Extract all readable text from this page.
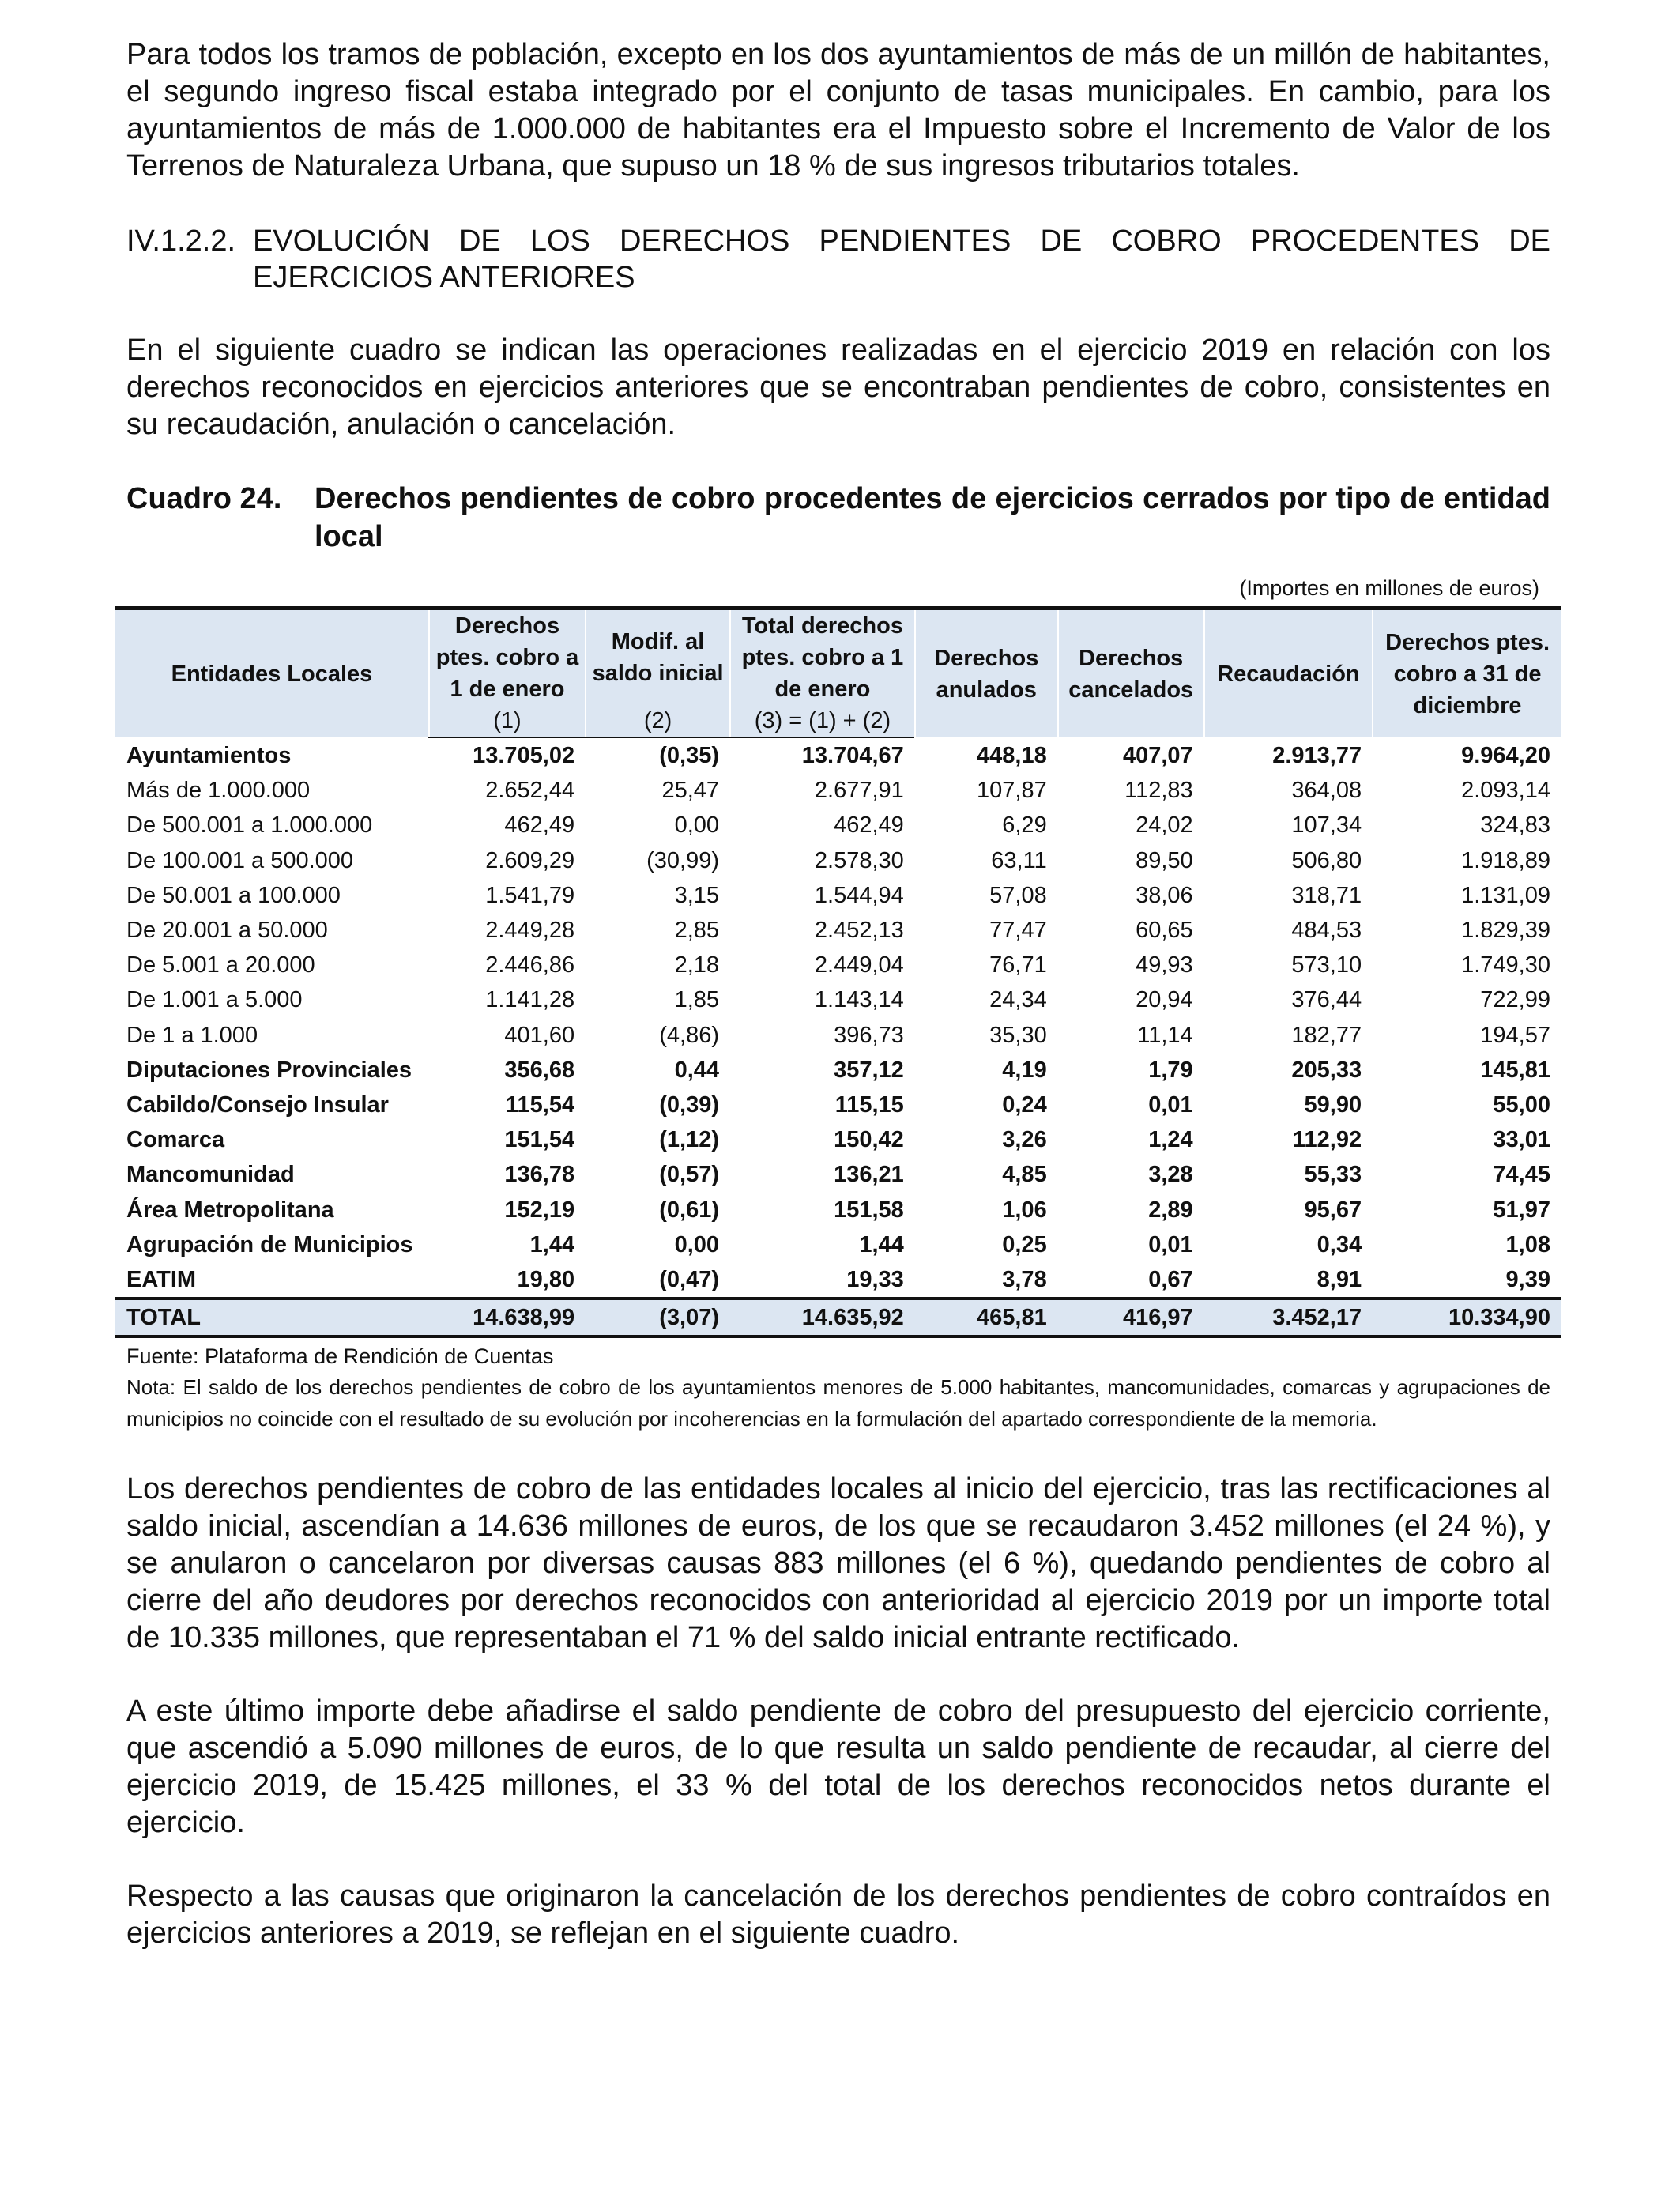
Para todos los tramos de población, excepto en los dos ayuntamientos de más de un millón de habitantes, el segundo ingreso fiscal estaba integrado por el conjunto de tasas municipales. En cambio, para los ayuntamientos de más de 1.000.000 de habitantes era el Impuesto sobre el Incremento de Valor de los Terrenos de Naturaleza Urbana, que supuso un 18 % de sus ingresos tributarios totales.

IV.1.2.2. EVOLUCIÓN DE LOS DERECHOS PENDIENTES DE COBRO PROCEDENTES DE EJERCICIOS ANTERIORES

En el siguiente cuadro se indican las operaciones realizadas en el ejercicio 2019 en relación con los derechos reconocidos en ejercicios anteriores que se encontraban pendientes de cobro, consistentes en su recaudación, anulación o cancelación.

Cuadro 24.	Derechos pendientes de cobro procedentes de ejercicios cerrados por tipo de entidad local
(Importes en millones de euros)
Entidades Locales	Derechos ptes. cobro a 1 de enero	Modif. al saldo inicial	Total derechos ptes. cobro a 1 de enero	Derechos anulados	Derechos cancelados	Recaudación	Derechos ptes. cobro a 31 de diciembre
	(1)	(2)	(3) = (1) + (2)				
Ayuntamientos	13.705,02	(0,35)	13.704,67	448,18	407,07	2.913,77	9.964,20
Más de 1.000.000	2.652,44	25,47	2.677,91	107,87	112,83	364,08	2.093,14
De 500.001 a 1.000.000	462,49	0,00	462,49	6,29	24,02	107,34	324,83
De 100.001 a 500.000	2.609,29	(30,99)	2.578,30	63,11	89,50	506,80	1.918,89
De 50.001 a 100.000	1.541,79	3,15	1.544,94	57,08	38,06	318,71	1.131,09
De 20.001 a 50.000	2.449,28	2,85	2.452,13	77,47	60,65	484,53	1.829,39
De 5.001 a 20.000	2.446,86	2,18	2.449,04	76,71	49,93	573,10	1.749,30
De 1.001 a 5.000	1.141,28	1,85	1.143,14	24,34	20,94	376,44	722,99
De 1 a 1.000	401,60	(4,86)	396,73	35,30	11,14	182,77	194,57
Diputaciones Provinciales	356,68	0,44	357,12	4,19	1,79	205,33	145,81
Cabildo/Consejo Insular	115,54	(0,39)	115,15	0,24	0,01	59,90	55,00
Comarca	151,54	(1,12)	150,42	3,26	1,24	112,92	33,01
Mancomunidad	136,78	(0,57)	136,21	4,85	3,28	55,33	74,45
Área Metropolitana	152,19	(0,61)	151,58	1,06	2,89	95,67	51,97
Agrupación de Municipios	1,44	0,00	1,44	0,25	0,01	0,34	1,08
EATIM	19,80	(0,47)	19,33	3,78	0,67	8,91	9,39
TOTAL	14.638,99	(3,07)	14.635,92	465,81	416,97	3.452,17	10.334,90
Fuente: Plataforma de Rendición de Cuentas
Nota: El saldo de los derechos pendientes de cobro de los ayuntamientos menores de 5.000 habitantes, mancomunidades, comarcas y agrupaciones de municipios no coincide con el resultado de su evolución por incoherencias en la formulación del apartado correspondiente de la memoria.

Los derechos pendientes de cobro de las entidades locales al inicio del ejercicio, tras las rectificaciones al saldo inicial, ascendían a 14.636 millones de euros, de los que se recaudaron 3.452 millones (el 24 %), y se anularon o cancelaron por diversas causas 883 millones (el 6 %), quedando pendientes de cobro al cierre del año deudores por derechos reconocidos con anterioridad al ejercicio 2019 por un importe total de 10.335 millones, que representaban el 71 % del saldo inicial entrante rectificado.

A este último importe debe añadirse el saldo pendiente de cobro del presupuesto del ejercicio corriente, que ascendió a 5.090 millones de euros, de lo que resulta un saldo pendiente de recaudar, al cierre del ejercicio 2019, de 15.425 millones, el 33 % del total de los derechos reconocidos netos durante el ejercicio.

Respecto a las causas que originaron la cancelación de los derechos pendientes de cobro contraídos en ejercicios anteriores a 2019, se reflejan en el siguiente cuadro.
